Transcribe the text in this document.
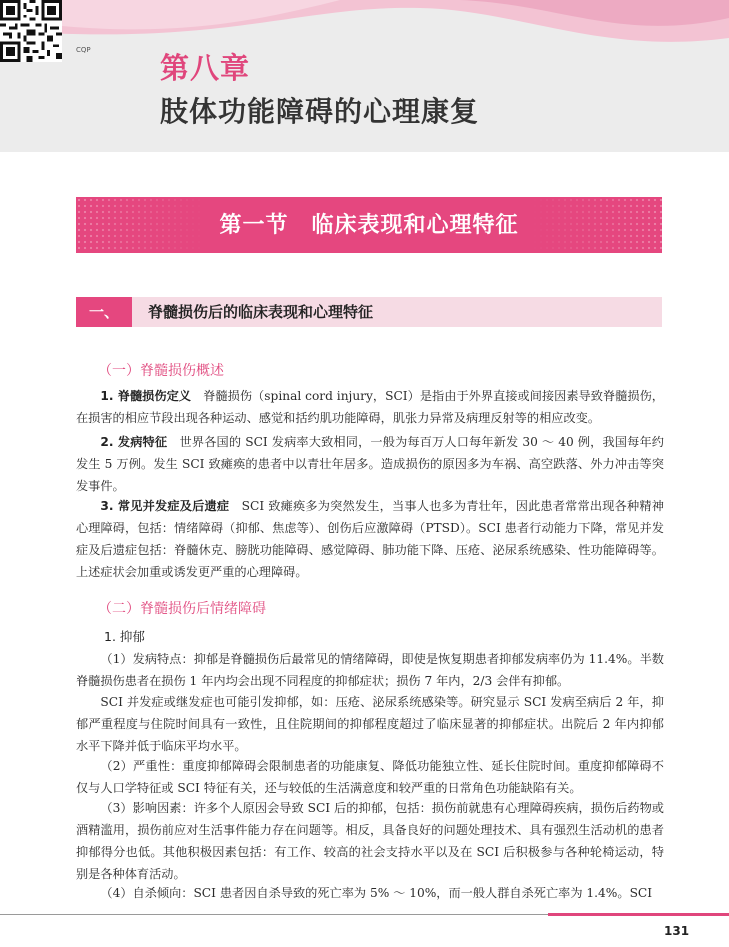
CQP
第八章
肢体功能障碍的心理康复
第一节　临床表现和心理特征
一、	脊髓损伤后的临床表现和心理特征
（一）脊髓损伤概述
1. 脊髓损伤定义　脊髓损伤（spinal cord injury，SCI）是指由于外界直接或间接因素导致脊髓损伤，在损害的相应节段出现各种运动、感觉和括约肌功能障碍，肌张力异常及病理反射等的相应改变。
2. 发病特征　世界各国的 SCI 发病率大致相同，一般为每百万人口每年新发 30 ～ 40 例，我国每年约发生 5 万例。发生 SCI 致瘫痪的患者中以青壮年居多。造成损伤的原因多为车祸、高空跌落、外力冲击等突发事件。
3. 常见并发症及后遗症　SCI 致瘫痪多为突然发生，当事人也多为青壮年，因此患者常常出现各种精神心理障碍，包括：情绪障碍（抑郁、焦虑等）、创伤后应激障碍（PTSD）。SCI 患者行动能力下降，常见并发症及后遗症包括：脊髓休克、膀胱功能障碍、感觉障碍、肺功能下降、压疮、泌尿系统感染、性功能障碍等。上述症状会加重或诱发更严重的心理障碍。
（二）脊髓损伤后情绪障碍
1. 抑郁
（1）发病特点：抑郁是脊髓损伤后最常见的情绪障碍，即使是恢复期患者抑郁发病率仍为 11.4%。半数脊髓损伤患者在损伤 1 年内均会出现不同程度的抑郁症状；损伤 7 年内，2/3 会伴有抑郁。
SCI 并发症或继发症也可能引发抑郁，如：压疮、泌尿系统感染等。研究显示 SCI 发病至病后 2 年，抑郁严重程度与住院时间具有一致性，且住院期间的抑郁程度超过了临床显著的抑郁症状。出院后 2 年内抑郁水平下降并低于临床平均水平。
（2）严重性：重度抑郁障碍会限制患者的功能康复、降低功能独立性、延长住院时间。重度抑郁障碍不仅与人口学特征或 SCI 特征有关，还与较低的生活满意度和较严重的日常角色功能缺陷有关。
（3）影响因素：许多个人原因会导致 SCI 后的抑郁，包括：损伤前就患有心理障碍疾病，损伤后药物或酒精滥用，损伤前应对生活事件能力存在问题等。相反，具备良好的问题处理技术、具有强烈生活动机的患者抑郁得分也低。其他积极因素包括：有工作、较高的社会支持水平以及在 SCI 后积极参与各种轮椅运动，特别是各种体育活动。
（4）自杀倾向：SCI 患者因自杀导致的死亡率为 5% ～ 10%，而一般人群自杀死亡率为 1.4%。SCI
131
